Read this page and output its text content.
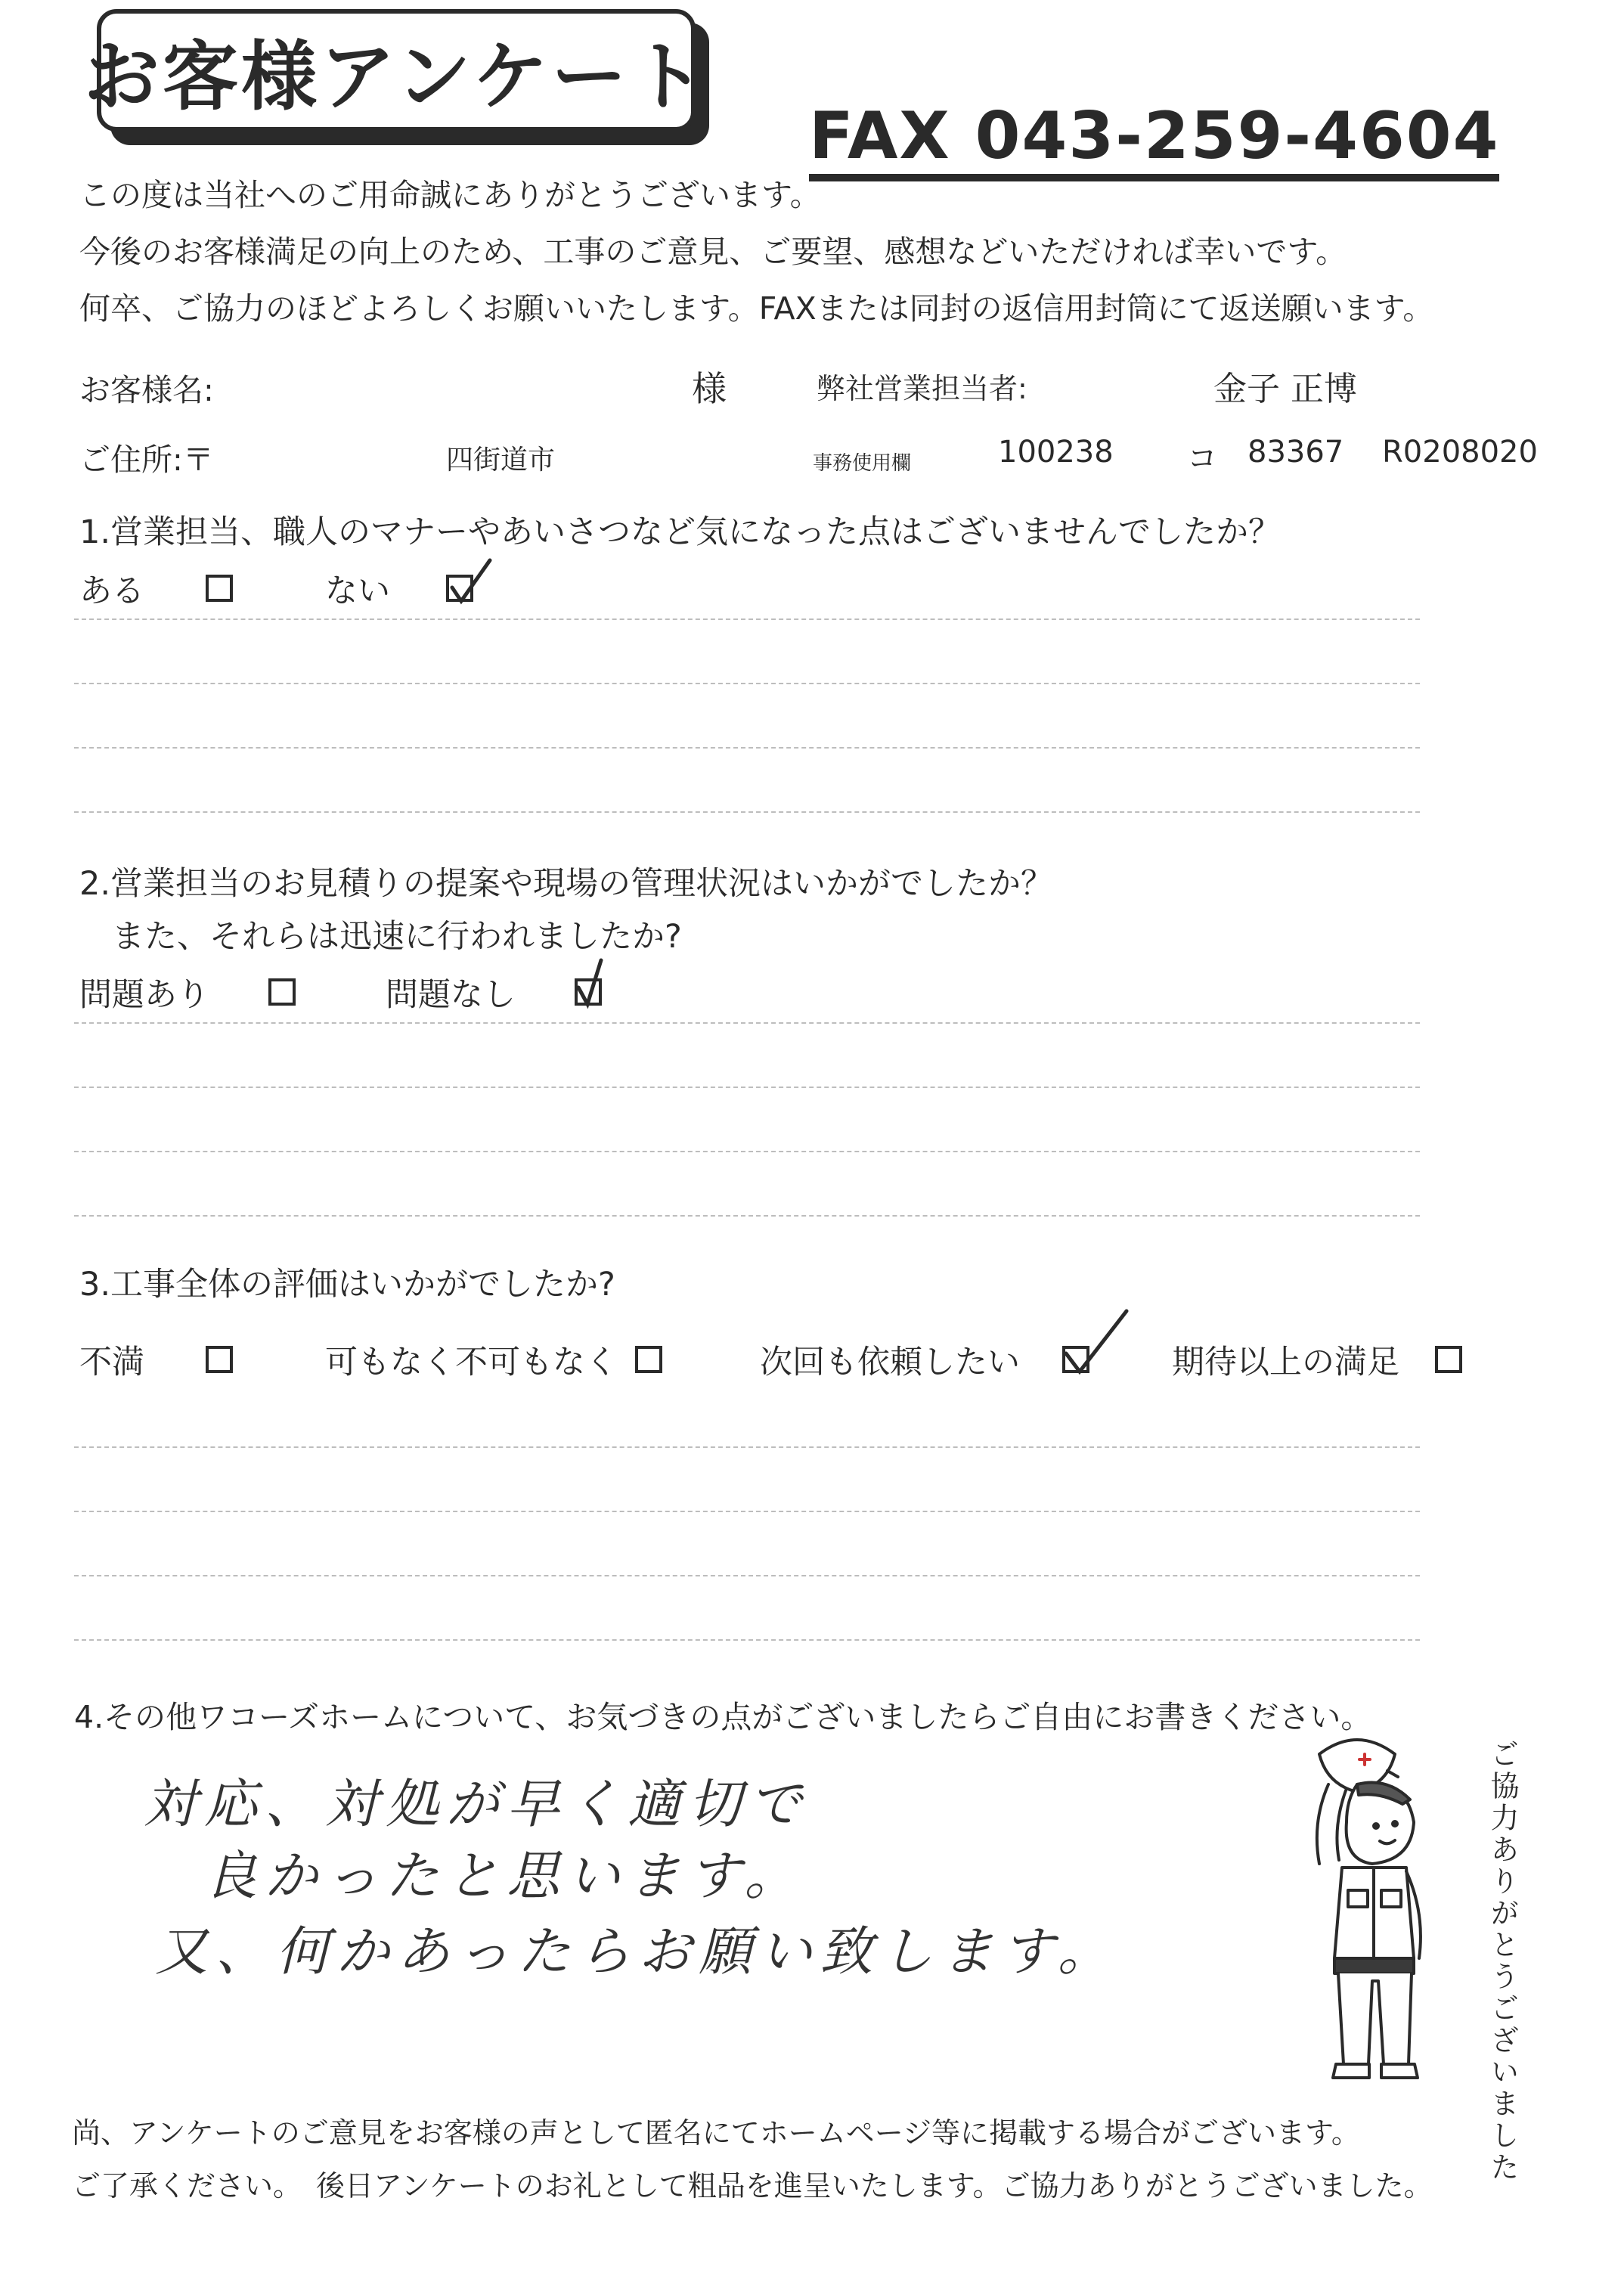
お客様アンケート
FAX 043-259-4604
この度は当社へのご用命誠にありがとうございます。
今後のお客様満足の向上のため、工事のご意見、ご要望、感想などいただければ幸いです。
何卒、ご協力のほどよろしくお願いいたします。FAXまたは同封の返信用封筒にて返送願います。
お客様名:	様	弊社営業担当者:	金子 正博
ご住所:〒	四街道市	事務使用欄	100238 コ 83367 R0208020
1.営業担当、職人のマナーやあいさつなど気になった点はございませんでしたか？
ある	ない
2.営業担当のお見積りの提案や現場の管理状況はいかがでしたか？
また、それらは迅速に行われましたか?
問題あり	問題なし
3.工事全体の評価はいかがでしたか?
不満	可もなく不可もなく	次回も依頼したい	期待以上の満足
4.その他ワコーズホームについて、お気づきの点がございましたらご自由にお書きください。
対応、対処が早く適切で
良かったと思います。
又、何かあったらお願い致します。	ご協力ありがとうございました
尚、アンケートのご意見をお客様の声として匿名にてホームページ等に掲載する場合がございます。
ご了承ください。　後日アンケートのお礼として粗品を進呈いたします。ご協力ありがとうございました。
